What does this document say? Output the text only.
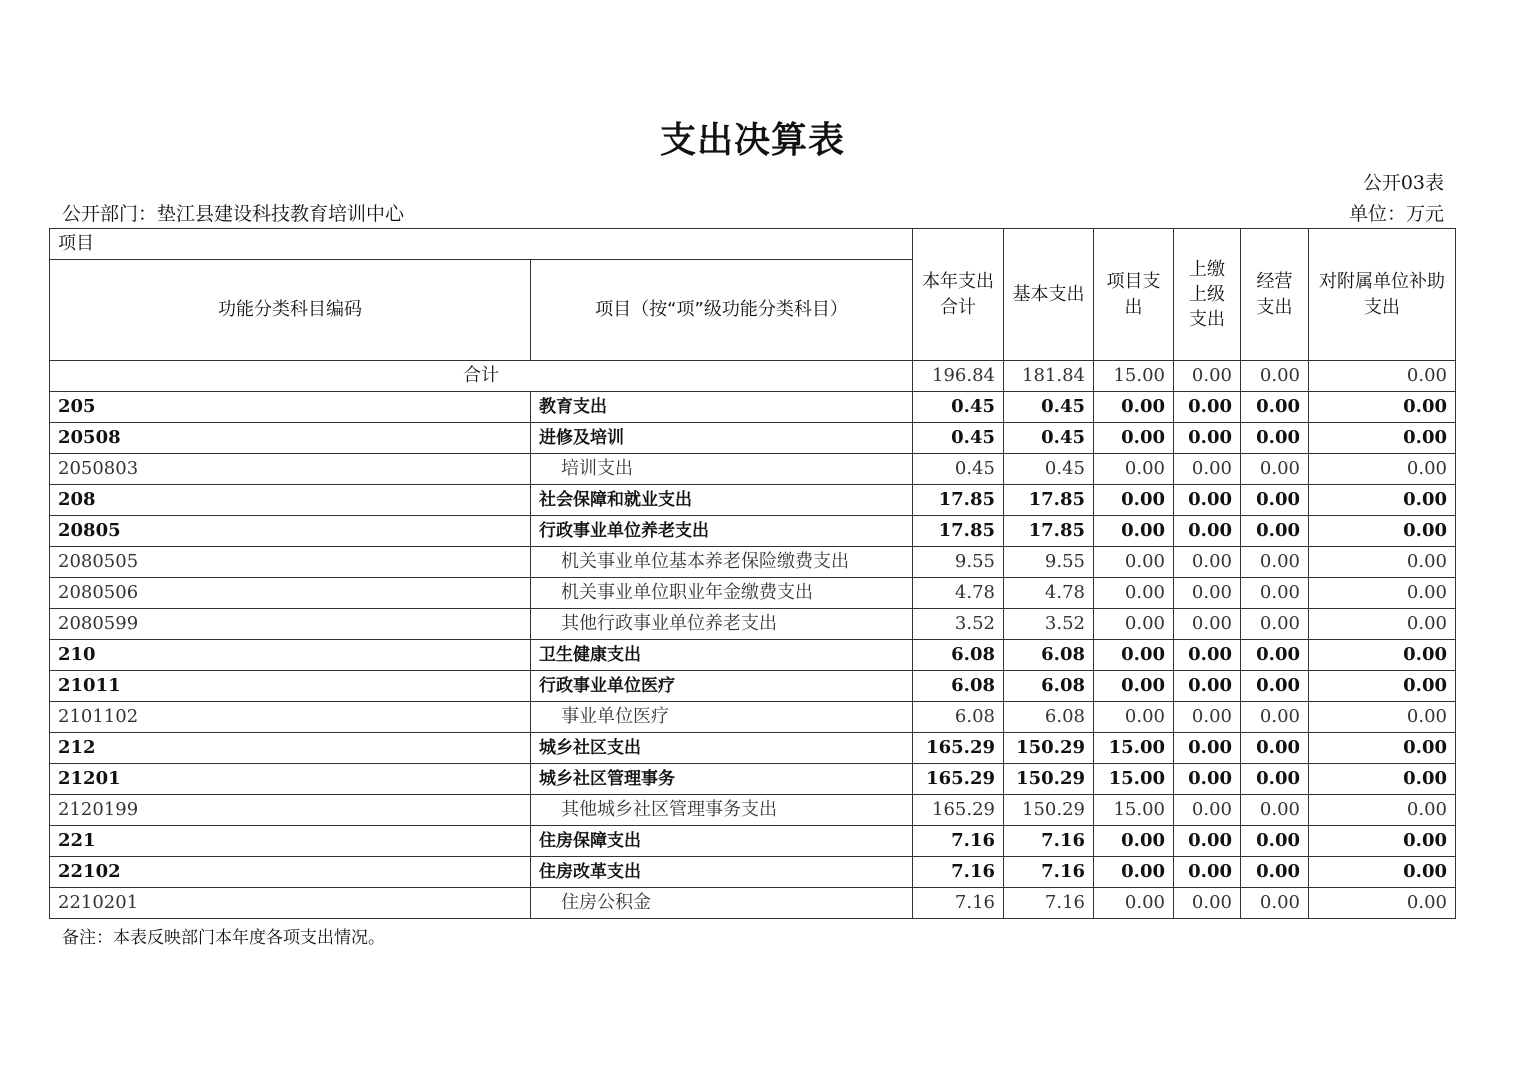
支出决算表
公开03表
公开部门：垫江县建设科技教育培训中心	单位：万元
项目		本年支出合计	基本支出	项目支出	上缴上级支出	经营支出	对附属单位补助支出
功能分类科目编码	项目（按“项”级功能分类科目）						
合计		196.84	181.84	15.00	0.00	0.00	0.00
205	教育支出	0.45	0.45	0.00	0.00	0.00	0.00
20508	进修及培训	0.45	0.45	0.00	0.00	0.00	0.00
2050803	培训支出	0.45	0.45	0.00	0.00	0.00	0.00
208	社会保障和就业支出	17.85	17.85	0.00	0.00	0.00	0.00
20805	行政事业单位养老支出	17.85	17.85	0.00	0.00	0.00	0.00
2080505	机关事业单位基本养老保险缴费支出	9.55	9.55	0.00	0.00	0.00	0.00
2080506	机关事业单位职业年金缴费支出	4.78	4.78	0.00	0.00	0.00	0.00
2080599	其他行政事业单位养老支出	3.52	3.52	0.00	0.00	0.00	0.00
210	卫生健康支出	6.08	6.08	0.00	0.00	0.00	0.00
21011	行政事业单位医疗	6.08	6.08	0.00	0.00	0.00	0.00
2101102	事业单位医疗	6.08	6.08	0.00	0.00	0.00	0.00
212	城乡社区支出	165.29	150.29	15.00	0.00	0.00	0.00
21201	城乡社区管理事务	165.29	150.29	15.00	0.00	0.00	0.00
2120199	其他城乡社区管理事务支出	165.29	150.29	15.00	0.00	0.00	0.00
221	住房保障支出	7.16	7.16	0.00	0.00	0.00	0.00
22102	住房改革支出	7.16	7.16	0.00	0.00	0.00	0.00
2210201	住房公积金	7.16	7.16	0.00	0.00	0.00	0.00
备注：本表反映部门本年度各项支出情况。
